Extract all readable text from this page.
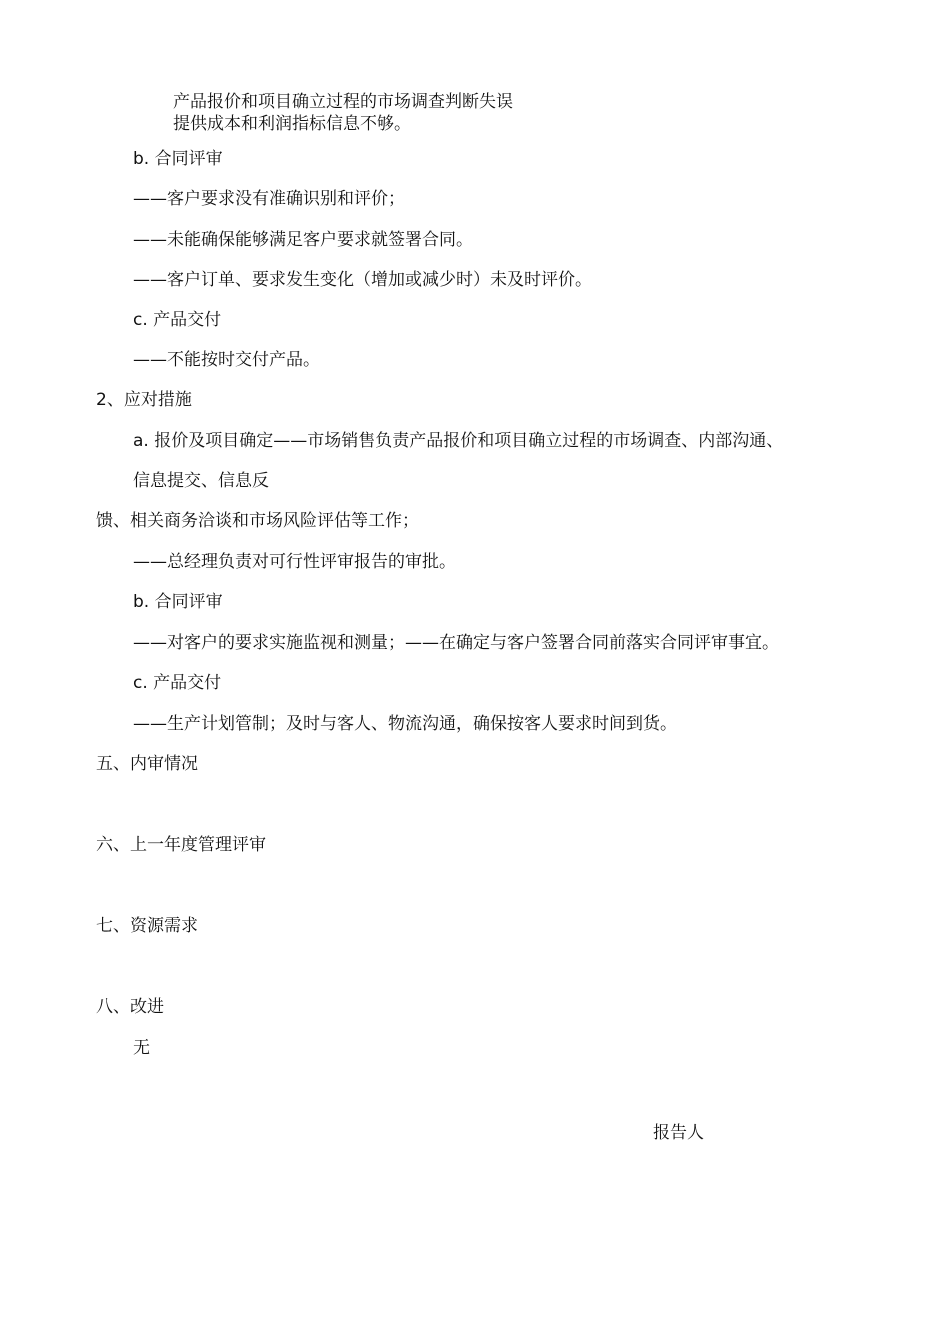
产品报价和项目确立过程的市场调查判断失误
提供成本和利润指标信息不够。
b. 合同评审
——客户要求没有准确识别和评价；
——未能确保能够满足客户要求就签署合同。
——客户订单、要求发生变化（增加或减少时）未及时评价。
c. 产品交付
——不能按时交付产品。
2、应对措施
a. 报价及项目确定——市场销售负责产品报价和项目确立过程的市场调查、内部沟通、
信息提交、信息反
馈、相关商务洽谈和市场风险评估等工作；
——总经理负责对可行性评审报告的审批。
b. 合同评审
——对客户的要求实施监视和测量；——在确定与客户签署合同前落实合同评审事宜。
c. 产品交付
——生产计划管制；及时与客人、物流沟通，确保按客人要求时间到货。
五、内审情况
六、上一年度管理评审
七、资源需求
八、改进
无
报告人
